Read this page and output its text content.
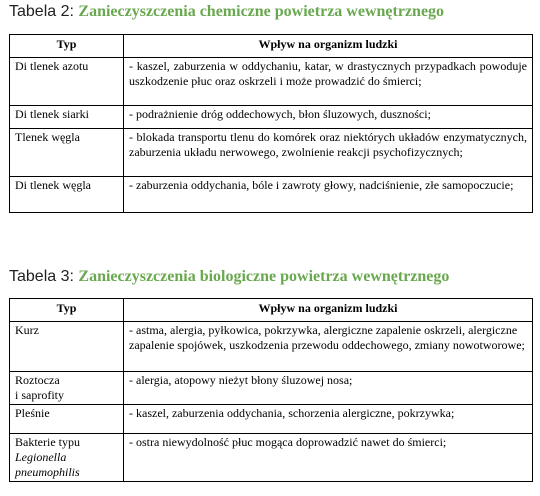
Tabela 2: Zanieczyszczenia chemiczne powietrza wewnętrznego
Typ	Wpływ na organizm ludzki
Di tlenek azotu	- kaszel, zaburzenia w oddychaniu, katar, w drastycznych przypadkach powoduje uszkodzenie płuc oraz oskrzeli i może prowadzić do śmierci;
Di tlenek siarki	- podrażnienie dróg oddechowych, błon śluzowych, duszności;
Tlenek węgla	- blokada transportu tlenu do komórek oraz niektórych układów enzymatycznych, zaburzenia układu nerwowego, zwolnienie reakcji psychofizycznych;
Di tlenek węgla	- zaburzenia oddychania, bóle i zawroty głowy, nadciśnienie, złe samopoczucie;
Tabela 3: Zanieczyszczenia biologiczne powietrza wewnętrznego
Typ	Wpływ na organizm ludzki
Kurz	- astma, alergia, pyłkowica, pokrzywka, alergiczne zapalenie oskrzeli, alergiczne zapalenie spojówek, uszkodzenia przewodu oddechowego, zmiany nowotworowe;

Roztocza
i saprofity	- alergia, atopowy nieżyt błony śluzowej nosa;
Pleśnie	- kaszel, zaburzenia oddychania, schorzenia alergiczne, pokrzywka;

Bakterie typu
Legionella
pneumophilis	- ostra niewydolność płuc mogąca doprowadzić nawet do śmierci;
